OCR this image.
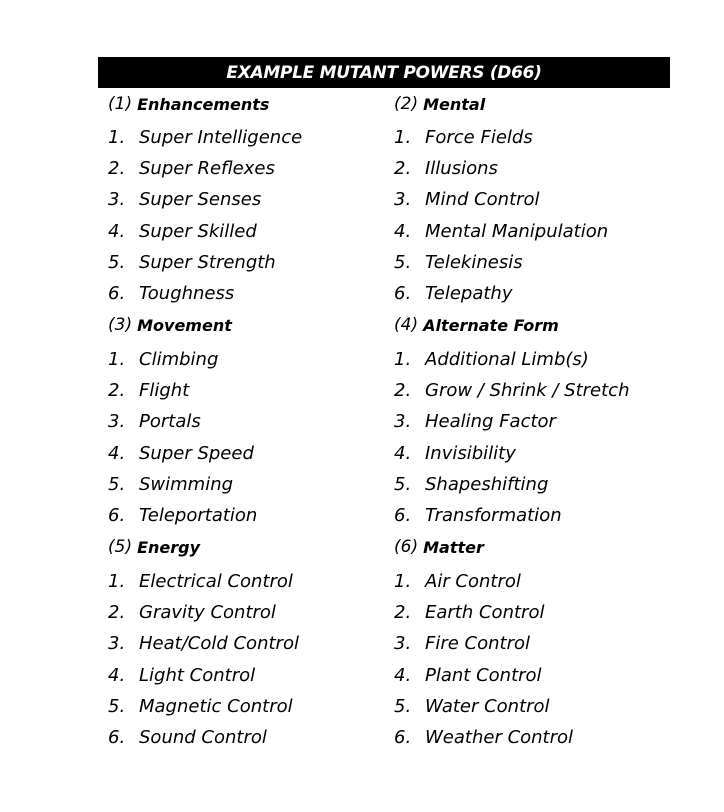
EXAMPLE MUTANT POWERS (D66)
(1) Enhancements
1. Super Intelligence
2. Super Reflexes
3. Super Senses
4. Super Skilled
5. Super Strength
6. Toughness
(3) Movement
1. Climbing
2. Flight
3. Portals
4. Super Speed
5. Swimming
6. Teleportation
(5) Energy
1. Electrical Control
2. Gravity Control
3. Heat/Cold Control
4. Light Control
5. Magnetic Control
6. Sound Control
(2) Mental
1. Force Fields
2. Illusions
3. Mind Control
4. Mental Manipulation
5. Telekinesis
6. Telepathy
(4) Alternate Form
1. Additional Limb(s)
2. Grow / Shrink / Stretch
3. Healing Factor
4. Invisibility
5. Shapeshifting
6. Transformation
(6) Matter
1. Air Control
2. Earth Control
3. Fire Control
4. Plant Control
5. Water Control
6. Weather Control
